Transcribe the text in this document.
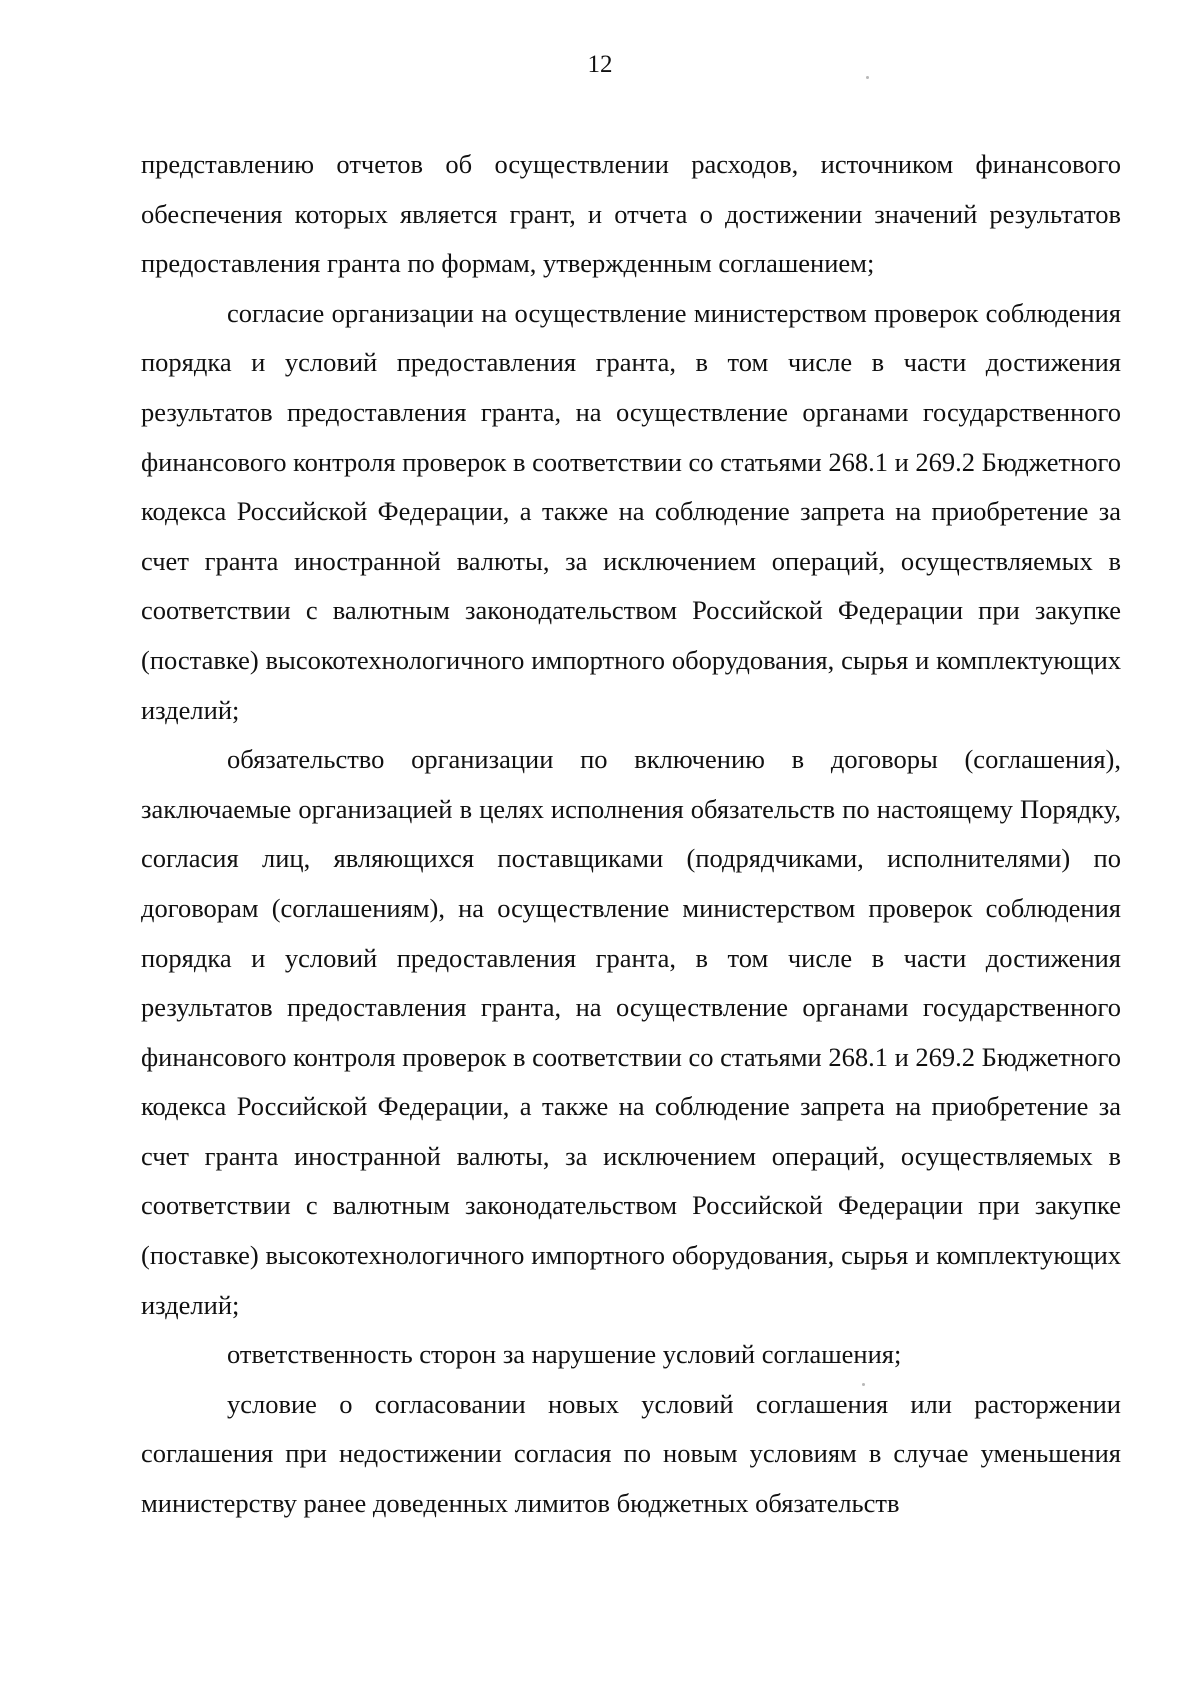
12

представлению отчетов об осуществлении расходов, источником финансового обеспечения которых является грант, и отчета о достижении значений результатов предоставления гранта по формам, утвержденным соглашением;

согласие организации на осуществление министерством проверок соблюдения порядка и условий предоставления гранта, в том числе в части достижения результатов предоставления гранта, на осуществление органами государственного финансового контроля проверок в соответствии со статьями 268.1 и 269.2 Бюджетного кодекса Российской Федерации, а также на соблюдение запрета на приобретение за счет гранта иностранной валюты, за исключением операций, осуществляемых в соответствии с валютным законодательством Российской Федерации при закупке (поставке) высокотехнологичного импортного оборудования, сырья и комплектующих изделий;

обязательство организации по включению в договоры (соглашения), заключаемые организацией в целях исполнения обязательств по настоящему Порядку, согласия лиц, являющихся поставщиками (подрядчиками, исполнителями) по договорам (соглашениям), на осуществление министерством проверок соблюдения порядка и условий предоставления гранта, в том числе в части достижения результатов предоставления гранта, на осуществление органами государственного финансового контроля проверок в соответствии со статьями 268.1 и 269.2 Бюджетного кодекса Российской Федерации, а также на соблюдение запрета на приобретение за счет гранта иностранной валюты, за исключением операций, осуществляемых в соответствии с валютным законодательством Российской Федерации при закупке (поставке) высокотехнологичного импортного оборудования, сырья и комплектующих изделий;

ответственность сторон за нарушение условий соглашения;

условие о согласовании новых условий соглашения или расторжении соглашения при недостижении согласия по новым условиям в случае уменьшения министерству ранее доведенных лимитов бюджетных обязательств
